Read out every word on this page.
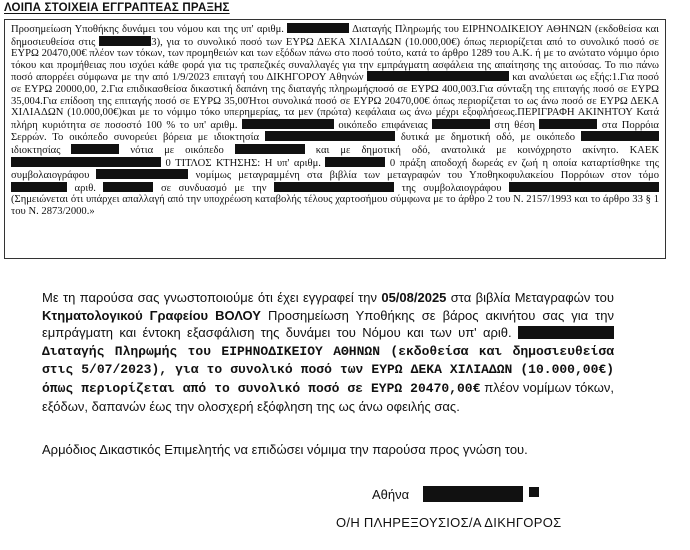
ΛΟΙΠΑ ΣΤΟΙΧΕΙΑ ΕΓΓΡΑΠΤΕΑΣ ΠΡΑΞΗΣ

Προσημείωση Υποθήκης δυνάμει του νόμου και της υπ' αριθμ.	Διαταγής Πληρωμής του ΕΙΡΗΝΟΔΙΚΕΙΟΥ ΑΘΗΝΩΝ (εκδοθείσα και δημοσιευθείσα στις	3), για το συνολικό ποσό των ΕΥΡΩ ΔΕΚΑ ΧΙΛΙΑΔΩΝ (10.000,00€) όπως περιορίζεται από το συνολικό ποσό σε ΕΥΡΩ 20470,00€ πλέον των τόκων, των προμηθειών και των εξόδων πάνω στο ποσό τούτο, κατά το άρθρο 1289 του Α.Κ. ή με το ανώτατο νόμιμο όριο τόκου και προμήθειας που ισχύει κάθε φορά για τις τραπεζικές συναλλαγές για την εμπράγματη ασφάλεια της απαίτησης της αιτούσας. Το πιο πάνω ποσό απορρέει σύμφωνα με την από 1/9/2023 επιταγή του ΔΙΚΗΓΟΡΟΥ Αθηνών	και αναλύεται ως εξής:1.Για ποσό σε ΕΥΡΩ 20000,00, 2.Για επιδικασθείσα δικαστική δαπάνη της διαταγής πληρωμήςποσό σε ΕΥΡΩ 400,003.Για σύνταξη της επιταγής ποσό σε ΕΥΡΩ 35,004.Για επίδοση της επιταγής ποσό σε ΕΥΡΩ 35,00Ήτοι συνολικά ποσό σε ΕΥΡΩ 20470,00€ όπως περιορίζεται το ως άνω ποσό σε ΕΥΡΩ ΔΕΚΑ ΧΙΛΙΑΔΩΝ (10.000,00€)και με το νόμιμο τόκο υπερημερίας, τα μεν (πρώτα) κεφάλαια ως άνω μέχρι εξοφλήσεως.ΠΕΡΙΓΡΑΦΗ ΑΚΙΝΗΤΟΥ Κατά πλήρη κυριότητα σε ποσοστό 100 % το υπ' αριθμ.	οικόπεδο επιφάνειας	στη θέση	στα Πορρόια Σερρών. Το οικόπεδο συνορεύει βόρεια με ιδιοκτησία	δυτικά με δημοτική οδό, με οικόπεδο  ιδιοκτησίας	νότια με οικόπεδο	και με δημοτική οδό, ανατολικά με κοινόχρηστο ακίνητο. ΚΑΕΚ  0 ΤΙΤΛΟΣ ΚΤΗΣΗΣ: Η υπ' αριθμ.	0 πράξη αποδοχή δωρεάς εν ζωή η οποία καταρτίσθηκε της συμβολαιογράφου	νομίμως μεταγραμμένη στα βιβλία των μεταγραφών του Υποθηκοφυλακείου Πορρόιων στον τόμο  αριθ.	σε συνδυασμό με την	της συμβολαιογράφου  (Σημειώνεται ότι υπάρχει απαλλαγή από την υποχρέωση καταβολής τέλους χαρτοσήμου σύμφωνα με το άρθρο 2 του Ν. 2157/1993 και το άρθρο 33 § 1 του Ν. 2873/2000.»

Με τη παρούσα σας γνωστοποιούμε ότι έχει εγγραφεί την 05/08/2025 στα βιβλία Μεταγραφών του Κτηματολογικού Γραφείου ΒΟΛΟΥ Προσημείωση Υποθήκης σε βάρος ακινήτου σας για την εμπράγματη και έντοκη εξασφάλιση της δυνάμει του Νόμου και των υπ' αριθ.  Διαταγής Πληρωμής του ΕΙΡΗΝΟΔΙΚΕΙΟΥ ΑΘΗΝΩΝ (εκδοθείσα και δημοσιευθείσα στις 5/07/2023), για το συνολικό ποσό των ΕΥΡΩ ΔΕΚΑ ΧΙΛΙΑΔΩΝ (10.000,00€) όπως περιορίζεται από το συνολικό ποσό σε ΕΥΡΩ 20470,00€ πλέον νομίμων τόκων, εξόδων, δαπανών έως την ολοσχερή εξόφληση της ως άνω οφειλής σας.

Αρμόδιος Δικαστικός Επιμελητής να επιδώσει νόμιμα την παρούσα προς γνώση του.
Αθήνα
Ο/Η ΠΛΗΡΕΞΟΥΣΙΟΣ/Α ΔΙΚΗΓΟΡΟΣ
